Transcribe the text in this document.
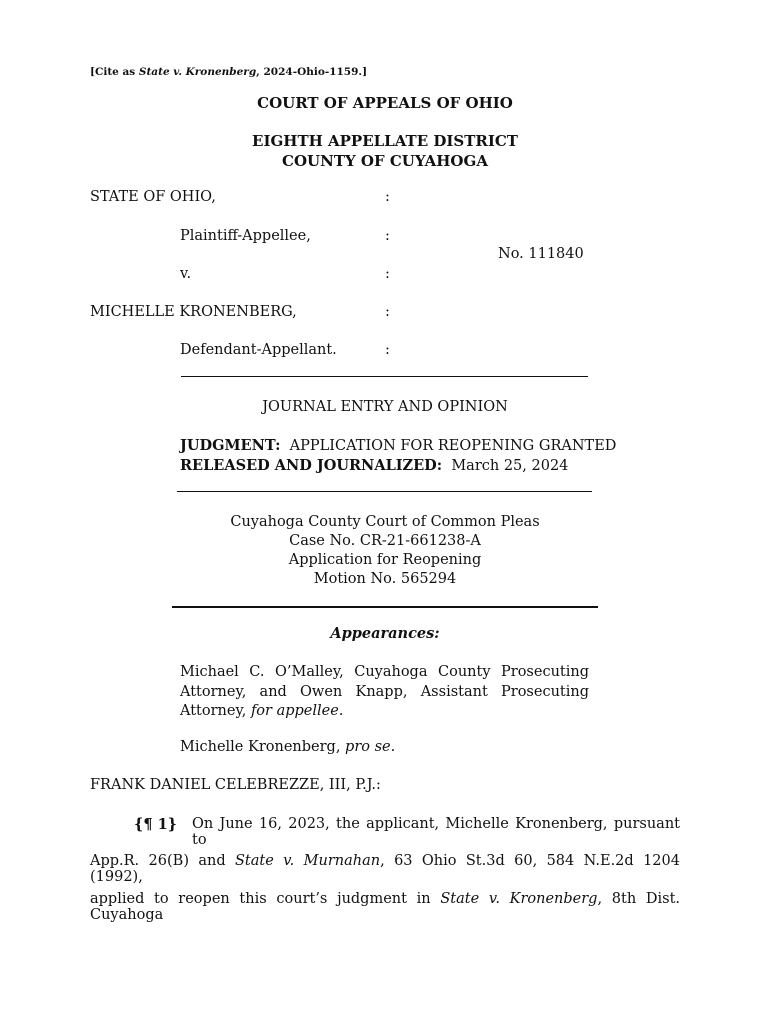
[Cite as State v. Kronenberg, 2024-Ohio-1159.]
COURT OF APPEALS OF OHIO
EIGHTH APPELLATE DISTRICT
COUNTY OF CUYAHOGA
STATE OF OHIO,
Plaintiff-Appellee,
v.
MICHELLE KRONENBERG,
Defendant-Appellant.
:
:
:
:
:
No. 111840
JOURNAL ENTRY AND OPINION
JUDGMENT: APPLICATION FOR REOPENING GRANTED
RELEASED AND JOURNALIZED: March 25, 2024
Cuyahoga County Court of Common Pleas
Case No. CR-21-661238-A
Application for Reopening
Motion No. 565294
Appearances:
Michael C. O’Malley, Cuyahoga County Prosecuting Attorney, and Owen Knapp, Assistant Prosecuting Attorney, for appellee.
Michelle Kronenberg, pro se.
FRANK DANIEL CELEBREZZE, III, P.J.:
{¶ 1} On June 16, 2023, the applicant, Michelle Kronenberg, pursuant to
App.R. 26(B) and State v. Murnahan, 63 Ohio St.3d 60, 584 N.E.2d 1204 (1992),
applied to reopen this court’s judgment in State v. Kronenberg, 8th Dist. Cuyahoga
